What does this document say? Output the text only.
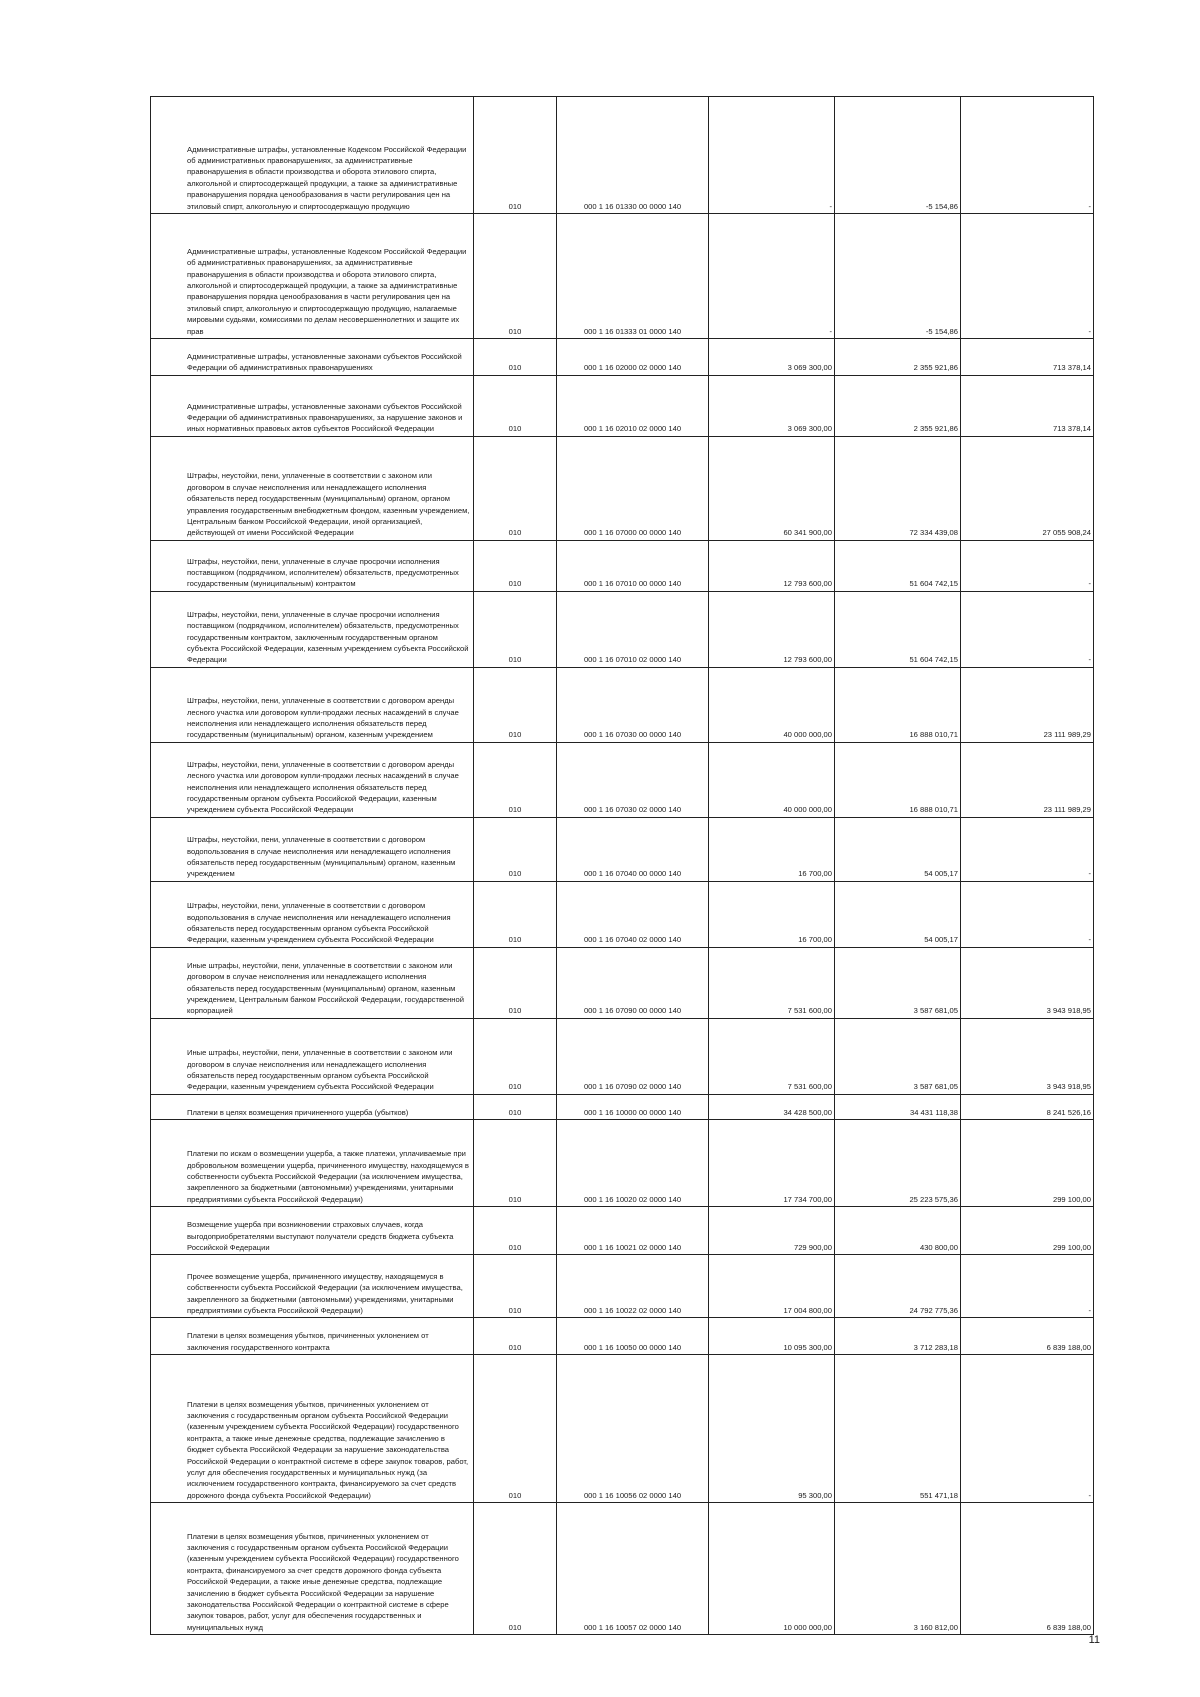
Административные штрафы, установленные Кодексом Российской Федерации об административных правонарушениях, за административные правонарушения в области производства и оборота этилового спирта, алкогольной и спиртосодержащей продукции, а также за административные правонарушения порядка ценообразования в части регулирования цен на этиловый спирт, алкогольную и спиртосодержащую продукцию	010	000 1 16 01330 00 0000 140	-	-5 154,86	-
Административные штрафы, установленные Кодексом Российской Федерации об административных правонарушениях, за административные правонарушения в области производства и оборота этилового спирта, алкогольной и спиртосодержащей продукции, а также за административные правонарушения порядка ценообразования в части регулирования цен на этиловый спирт, алкогольную и спиртосодержащую продукцию, налагаемые мировыми судьями, комиссиями по делам несовершеннолетних и защите их прав	010	000 1 16 01333 01 0000 140	-	-5 154,86	-
Административные штрафы, установленные законами субъектов Российской Федерации об административных правонарушениях	010	000 1 16 02000 02 0000 140	3 069 300,00	2 355 921,86	713 378,14
Административные штрафы, установленные законами субъектов Российской Федерации об административных правонарушениях, за нарушение законов и иных нормативных правовых актов субъектов Российской Федерации	010	000 1 16 02010 02 0000 140	3 069 300,00	2 355 921,86	713 378,14
Штрафы, неустойки, пени, уплаченные в соответствии с законом или договором в случае неисполнения или ненадлежащего исполнения обязательств перед государственным (муниципальным) органом, органом управления государственным внебюджетным фондом, казенным учреждением, Центральным банком Российской Федерации, иной организацией, действующей от имени Российской Федерации	010	000 1 16 07000 00 0000 140	60 341 900,00	72 334 439,08	27 055 908,24
Штрафы, неустойки, пени, уплаченные в случае просрочки исполнения поставщиком (подрядчиком, исполнителем) обязательств, предусмотренных государственным (муниципальным) контрактом	010	000 1 16 07010 00 0000 140	12 793 600,00	51 604 742,15	-
Штрафы, неустойки, пени, уплаченные в случае просрочки исполнения поставщиком (подрядчиком, исполнителем) обязательств, предусмотренных государственным контрактом, заключенным государственным органом субъекта Российской Федерации, казенным учреждением субъекта Российской Федерации	010	000 1 16 07010 02 0000 140	12 793 600,00	51 604 742,15	-
Штрафы, неустойки, пени, уплаченные в соответствии с договором аренды лесного участка или договором купли-продажи лесных насаждений в случае неисполнения или ненадлежащего исполнения обязательств перед государственным (муниципальным) органом, казенным учреждением	010	000 1 16 07030 00 0000 140	40 000 000,00	16 888 010,71	23 111 989,29
Штрафы, неустойки, пени, уплаченные в соответствии с договором аренды лесного участка или договором купли-продажи лесных насаждений в случае неисполнения или ненадлежащего исполнения обязательств перед государственным органом субъекта Российской Федерации, казенным учреждением субъекта Российской Федерации	010	000 1 16 07030 02 0000 140	40 000 000,00	16 888 010,71	23 111 989,29
Штрафы, неустойки, пени, уплаченные в соответствии с договором водопользования в случае неисполнения или ненадлежащего исполнения обязательств перед государственным (муниципальным) органом, казенным учреждением	010	000 1 16 07040 00 0000 140	16 700,00	54 005,17	-
Штрафы, неустойки, пени, уплаченные в соответствии с договором водопользования в случае неисполнения или ненадлежащего исполнения обязательств перед государственным органом субъекта Российской Федерации, казенным учреждением субъекта Российской Федерации	010	000 1 16 07040 02 0000 140	16 700,00	54 005,17	-
Иные штрафы, неустойки, пени, уплаченные в соответствии с законом или договором в случае неисполнения или ненадлежащего исполнения обязательств перед государственным (муниципальным) органом, казенным учреждением, Центральным банком Российской Федерации, государственной корпорацией	010	000 1 16 07090 00 0000 140	7 531 600,00	3 587 681,05	3 943 918,95
Иные штрафы, неустойки, пени, уплаченные в соответствии с законом или договором в случае неисполнения или ненадлежащего исполнения обязательств перед государственным органом субъекта Российской Федерации, казенным учреждением субъекта Российской Федерации	010	000 1 16 07090 02 0000 140	7 531 600,00	3 587 681,05	3 943 918,95
Платежи в целях возмещения причиненного ущерба (убытков)	010	000 1 16 10000 00 0000 140	34 428 500,00	34 431 118,38	8 241 526,16
Платежи по искам о возмещении ущерба, а также платежи, уплачиваемые при добровольном возмещении ущерба, причиненного имуществу, находящемуся в собственности субъекта Российской Федерации (за исключением имущества, закрепленного за бюджетными (автономными) учреждениями, унитарными предприятиями субъекта Российской Федерации)	010	000 1 16 10020 02 0000 140	17 734 700,00	25 223 575,36	299 100,00
Возмещение ущерба при возникновении страховых случаев, когда выгодоприобретателями выступают получатели средств бюджета субъекта Российской Федерации	010	000 1 16 10021 02 0000 140	729 900,00	430 800,00	299 100,00
Прочее возмещение ущерба, причиненного имуществу, находящемуся в собственности субъекта Российской Федерации (за исключением имущества, закрепленного за бюджетными (автономными) учреждениями, унитарными предприятиями субъекта Российской Федерации)	010	000 1 16 10022 02 0000 140	17 004 800,00	24 792 775,36	-
Платежи в целях возмещения убытков, причиненных уклонением от заключения государственного контракта	010	000 1 16 10050 00 0000 140	10 095 300,00	3 712 283,18	6 839 188,00
Платежи в целях возмещения убытков, причиненных уклонением от заключения с государственным органом субъекта Российской Федерации (казенным учреждением субъекта Российской Федерации) государственного контракта, а также иные денежные средства, подлежащие зачислению в бюджет субъекта Российской Федерации за нарушение законодательства Российской Федерации о контрактной системе в сфере закупок товаров, работ, услуг для обеспечения государственных и муниципальных нужд (за исключением государственного контракта, финансируемого за счет средств дорожного фонда субъекта Российской Федерации)	010	000 1 16 10056 02 0000 140	95 300,00	551 471,18	-
Платежи в целях возмещения убытков, причиненных уклонением от заключения с государственным органом субъекта Российской Федерации (казенным учреждением субъекта Российской Федерации) государственного контракта, финансируемого за счет средств дорожного фонда субъекта Российской Федерации, а также иные денежные средства, подлежащие зачислению в бюджет субъекта Российской Федерации за нарушение законодательства Российской Федерации о контрактной системе в сфере закупок товаров, работ, услуг для обеспечения государственных и муниципальных нужд	010	000 1 16 10057 02 0000 140	10 000 000,00	3 160 812,00	6 839 188,00
11
